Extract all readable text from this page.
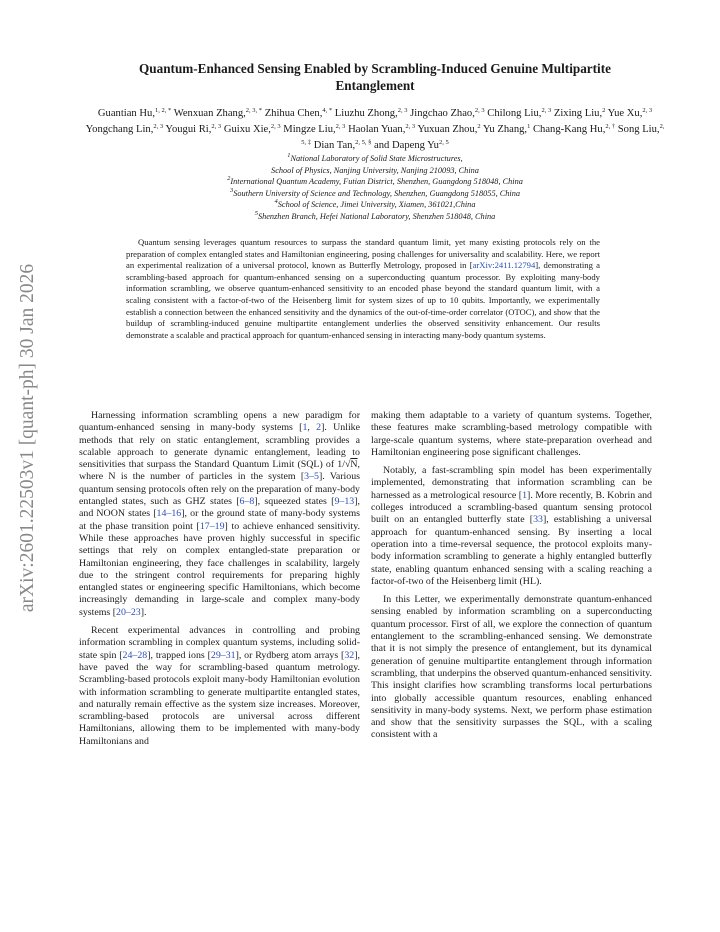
arXiv:2601.22503v1 [quant-ph] 30 Jan 2026
Quantum-Enhanced Sensing Enabled by Scrambling-Induced Genuine Multipartite
Entanglement
Guantian Hu,$^{1, 2, *}$ Wenxuan Zhang,$^{2, 3, *}$ Zhihua Chen,$^{4, *}$ Liuzhu Zhong,$^{2, 3}$ Jingchao Zhao,$^{2, 3}$ Chilong Liu,$^{2, 3}$ Zixing Liu,$^2$ Yue Xu,$^{2, 3}$ Yongchang Lin,$^{2, 3}$ Yougui Ri,$^{2, 3}$ Guixu Xie,$^{2, 3}$ Mingze Liu,$^{2, 3}$ Haolan Yuan,$^{2, 3}$ Yuxuan Zhou,$^2$ Yu Zhang,$^1$ Chang-Kang Hu,$^{2, \dagger}$ Song Liu,$^{2, 5, \ddagger}$ Dian Tan,$^{2, 5, \S}$ and Dapeng Yu$^{2, 5}$
$^1$National Laboratory of Solid State Microstructures,
School of Physics, Nanjing University, Nanjing 210093, China
$^2$International Quantum Academy, Futian District, Shenzhen, Guangdong 518048, China
$^3$Southern University of Science and Technology, Shenzhen, Guangdong 518055, China
$^4$School of Science, Jimei University, Xiamen, 361021,China
$^5$Shenzhen Branch, Hefei National Laboratory, Shenzhen 518048, China
Quantum sensing leverages quantum resources to surpass the standard quantum limit, yet many existing protocols rely on the preparation of complex entangled states and Hamiltonian engineering, posing challenges for universality and scalability. Here, we report an experimental realization of a universal protocol, known as Butterfly Metrology, proposed in [arXiv:2411.12794], demonstrating a scrambling-based approach for quantum-enhanced sensing on a superconducting quantum processor. By exploiting many-body information scrambling, we observe quantum-enhanced sensitivity to an encoded phase beyond the standard quantum limit, with a scaling consistent with a factor-of-two of the Heisenberg limit for system sizes of up to 10 qubits. Importantly, we experimentally establish a connection between the enhanced sensitivity and the dynamics of the out-of-time-order correlator (OTOC), and show that the buildup of scrambling-induced genuine multipartite entanglement underlies the observed sensitivity enhancement. Our results demonstrate a scalable and practical approach for quantum-enhanced sensing in interacting many-body quantum systems.

Harnessing information scrambling opens a new paradigm for quantum-enhanced sensing in many-body systems [1, 2]. Unlike methods that rely on static entanglement, scrambling provides a scalable approach to generate dynamic entanglement, leading to sensitivities that surpass the Standard Quantum Limit (SQL) of 1/√N, where N is the number of particles in the system [3–5]. Various quantum sensing protocols often rely on the preparation of many-body entangled states, such as GHZ states [6–8], squeezed states [9–13], and NOON states [14–16], or the ground state of many-body systems at the phase transition point [17–19] to achieve enhanced sensitivity. While these approaches have proven highly successful in specific settings that rely on complex entangled-state preparation or Hamiltonian engineering, they face challenges in scalability, largely due to the stringent control requirements for preparing highly entangled states or engineering specific Hamiltonians, which become increasingly demanding in large-scale and complex many-body systems [20–23].

Recent experimental advances in controlling and probing information scrambling in complex quantum systems, including solid-state spin [24–28], trapped ions [29–31], or Rydberg atom arrays [32], have paved the way for scrambling-based quantum metrology. Scrambling-based protocols exploit many-body Hamiltonian evolution with information scrambling to generate multipartite entangled states, and naturally remain effective as the system size increases. Moreover, scrambling-based protocols are universal across different Hamiltonians, allowing them to be implemented with many-body Hamiltonians and

making them adaptable to a variety of quantum systems. Together, these features make scrambling-based metrology compatible with large-scale quantum systems, where state-preparation overhead and Hamiltonian engineering pose significant challenges.

Notably, a fast-scrambling spin model has been experimentally implemented, demonstrating that information scrambling can be harnessed as a metrological resource [1]. More recently, B. Kobrin and colleges introduced a scrambling-based quantum sensing protocol built on an entangled butterfly state [33], establishing a universal approach for quantum-enhanced sensing. By inserting a local operation into a time-reversal sequence, the protocol exploits many-body information scrambling to generate a highly entangled butterfly state, enabling quantum enhanced sensing with a scaling reaching a factor-of-two of the Heisenberg limit (HL).

In this Letter, we experimentally demonstrate quantum-enhanced sensing enabled by information scrambling on a superconducting quantum processor. First of all, we explore the connection of quantum entanglement to the scrambling-enhanced sensing. We demonstrate that it is not simply the presence of entanglement, but its dynamical generation of genuine multipartite entanglement through information scrambling, that underpins the observed quantum-enhanced sensitivity. This insight clarifies how scrambling transforms local perturbations into globally accessible quantum resources, enabling enhanced sensitivity in many-body systems. Next, we perform phase estimation and show that the sensitivity surpasses the SQL, with a scaling consistent with a
